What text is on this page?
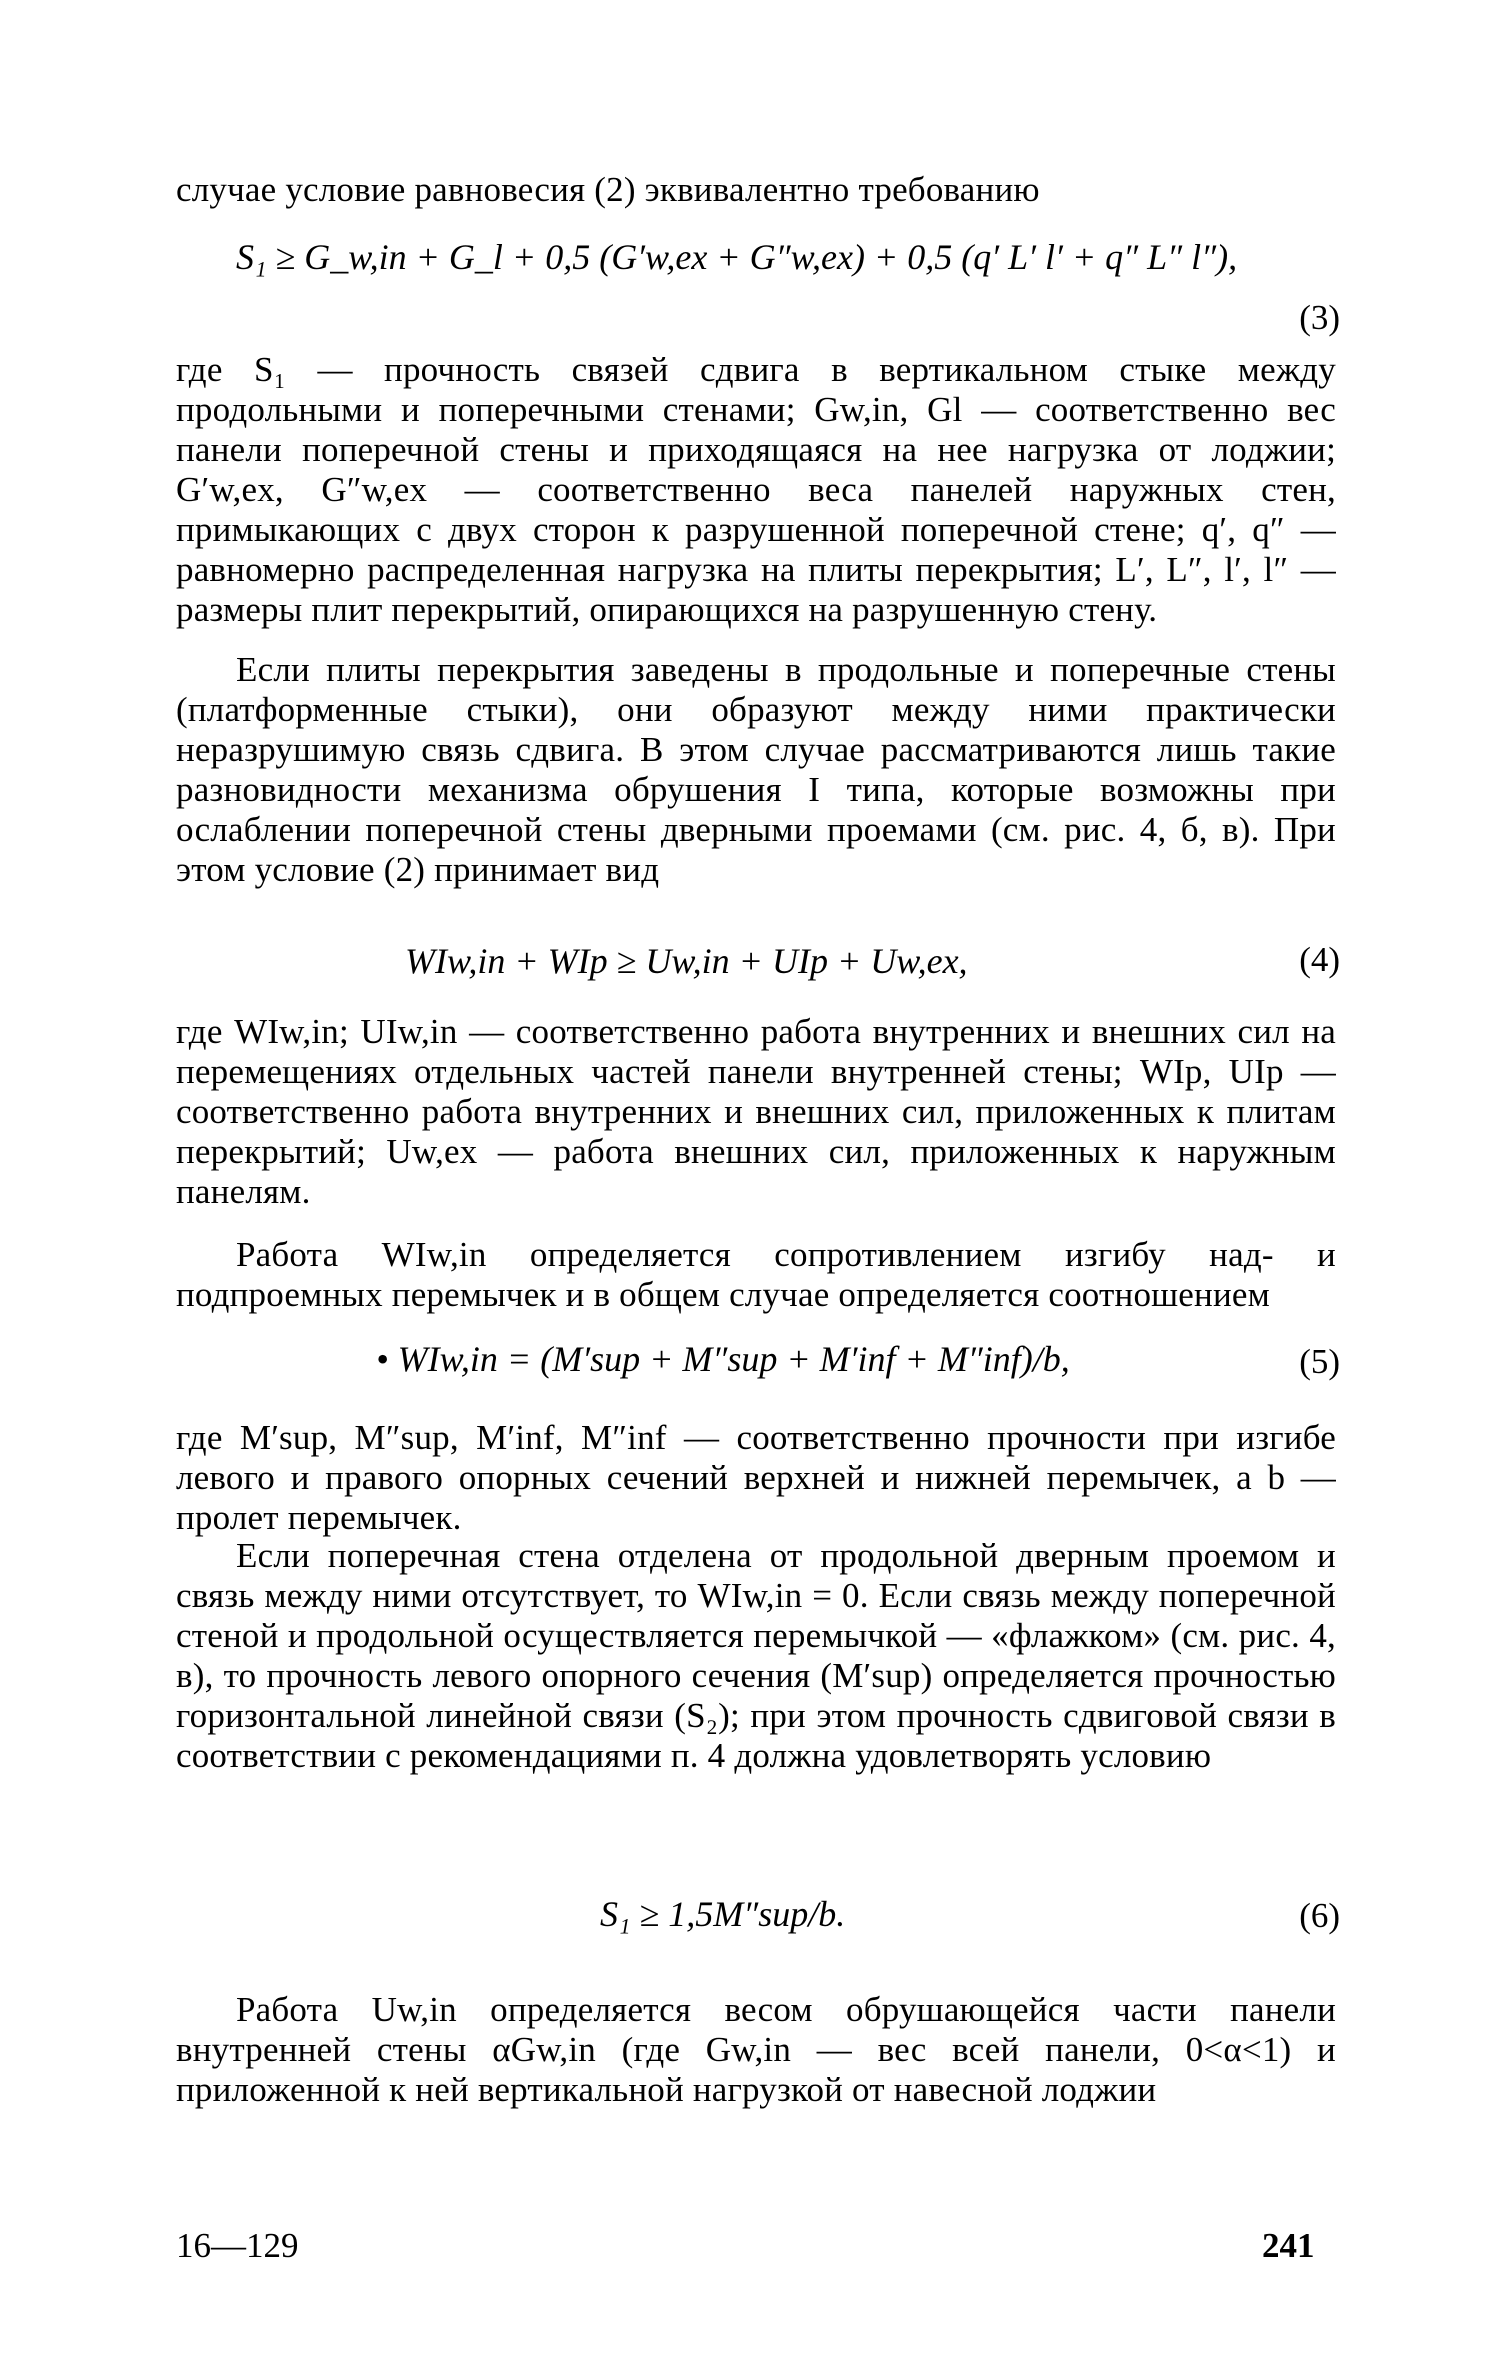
случае условие равновесия (2) эквивалентно требованию
S₁ ≥ G_w,in + G_l + 0,5 (G′w,ex + G″w,ex) + 0,5 (q′ L′ l′ + q″ L″ l″),
(3)
где S₁ — прочность связей сдвига в вертикальном стыке между продольными и поперечными стенами; Gw,in, Gl — соответственно вес панели поперечной стены и приходящаяся на нее нагрузка от лоджии; G′w,ex, G″w,ex — соответственно веса панелей наружных стен, примыкающих с двух сторон к разрушенной поперечной стене; q′, q″ — равномерно распределенная нагрузка на плиты перекрытия; L′, L″, l′, l″ — размеры плит перекрытий, опирающихся на разрушенную стену.
Если плиты перекрытия заведены в продольные и поперечные стены (платформенные стыки), они образуют между ними практически неразрушимую связь сдвига. В этом случае рассматриваются лишь такие разновидности механизма обрушения I типа, которые возможны при ослаблении поперечной стены дверными проемами (см. рис. 4, б, в). При этом условие (2) принимает вид
WIw,in + WIp ≥ Uw,in + UIp + Uw,ex,	(4)
где WIw,in; UIw,in — соответственно работа внутренних и внешних сил на перемещениях отдельных частей панели внутренней стены; WIp, UIp — соответственно работа внутренних и внешних сил, приложенных к плитам перекрытий; Uw,ex — работа внешних сил, приложенных к наружным панелям.
Работа WIw,in определяется сопротивлением изгибу над- и подпроемных перемычек и в общем случае определяется соотношением
• WIw,in = (M′sup + M″sup + M′inf + M″inf)/b,	(5)
где M′sup, M″sup, M′inf, M″inf — соответственно прочности при изгибе левого и правого опорных сечений верхней и нижней перемычек, а b — пролет перемычек.
Если поперечная стена отделена от продольной дверным проемом и связь между ними отсутствует, то WIw,in = 0. Если связь между поперечной стеной и продольной осуществляется перемычкой — «флажком» (см. рис. 4, в), то прочность левого опорного сечения (M′sup) определяется прочностью горизонтальной линейной связи (S₂); при этом прочность сдвиговой связи в соответствии с рекомендациями п. 4 должна удовлетворять условию
S₁ ≥ 1,5M″sup/b.	(6)
Работа Uw,in определяется весом обрушающейся части панели внутренней стены αGw,in (где Gw,in — вес всей панели, 0<α<1) и приложенной к ней вертикальной нагрузкой от навесной лоджии
16—129	241
